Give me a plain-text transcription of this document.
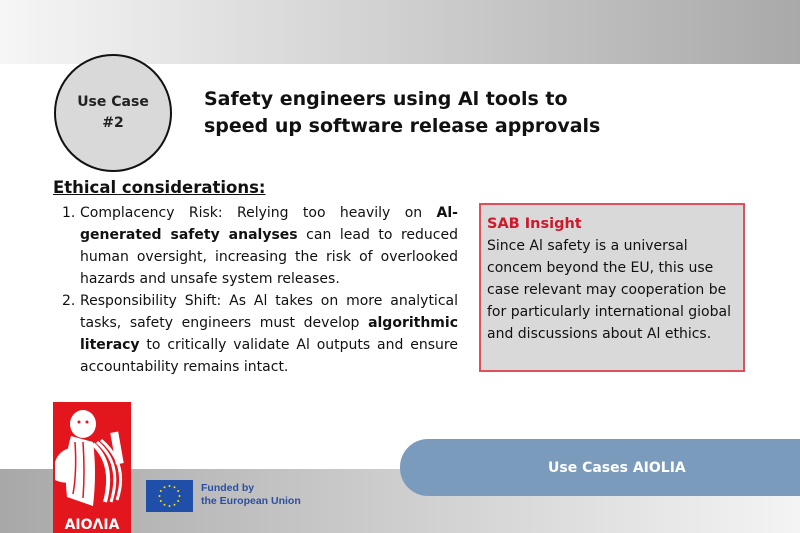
Use Case
#2
Safety engineers using Al tools to
speed up software release approvals
Ethical considerations:
1. Complacency Risk: Relying too heavily on Al-generated safety analyses can lead to reduced human oversight, increasing the risk of overlooked hazards and unsafe system releases.
2. Responsibility Shift: As Al takes on more analytical tasks, safety engineers must develop algorithmic literacy to critically validate Al outputs and ensure accountability remains intact.
SAB Insight
Since Al safety is a universal concem beyond the EU, this use case relevant may cooperation be for particularly international giobal and discussions about Al ethics.
AIOΛIA
Funded by
the European Union
Use Cases AIOLIA
